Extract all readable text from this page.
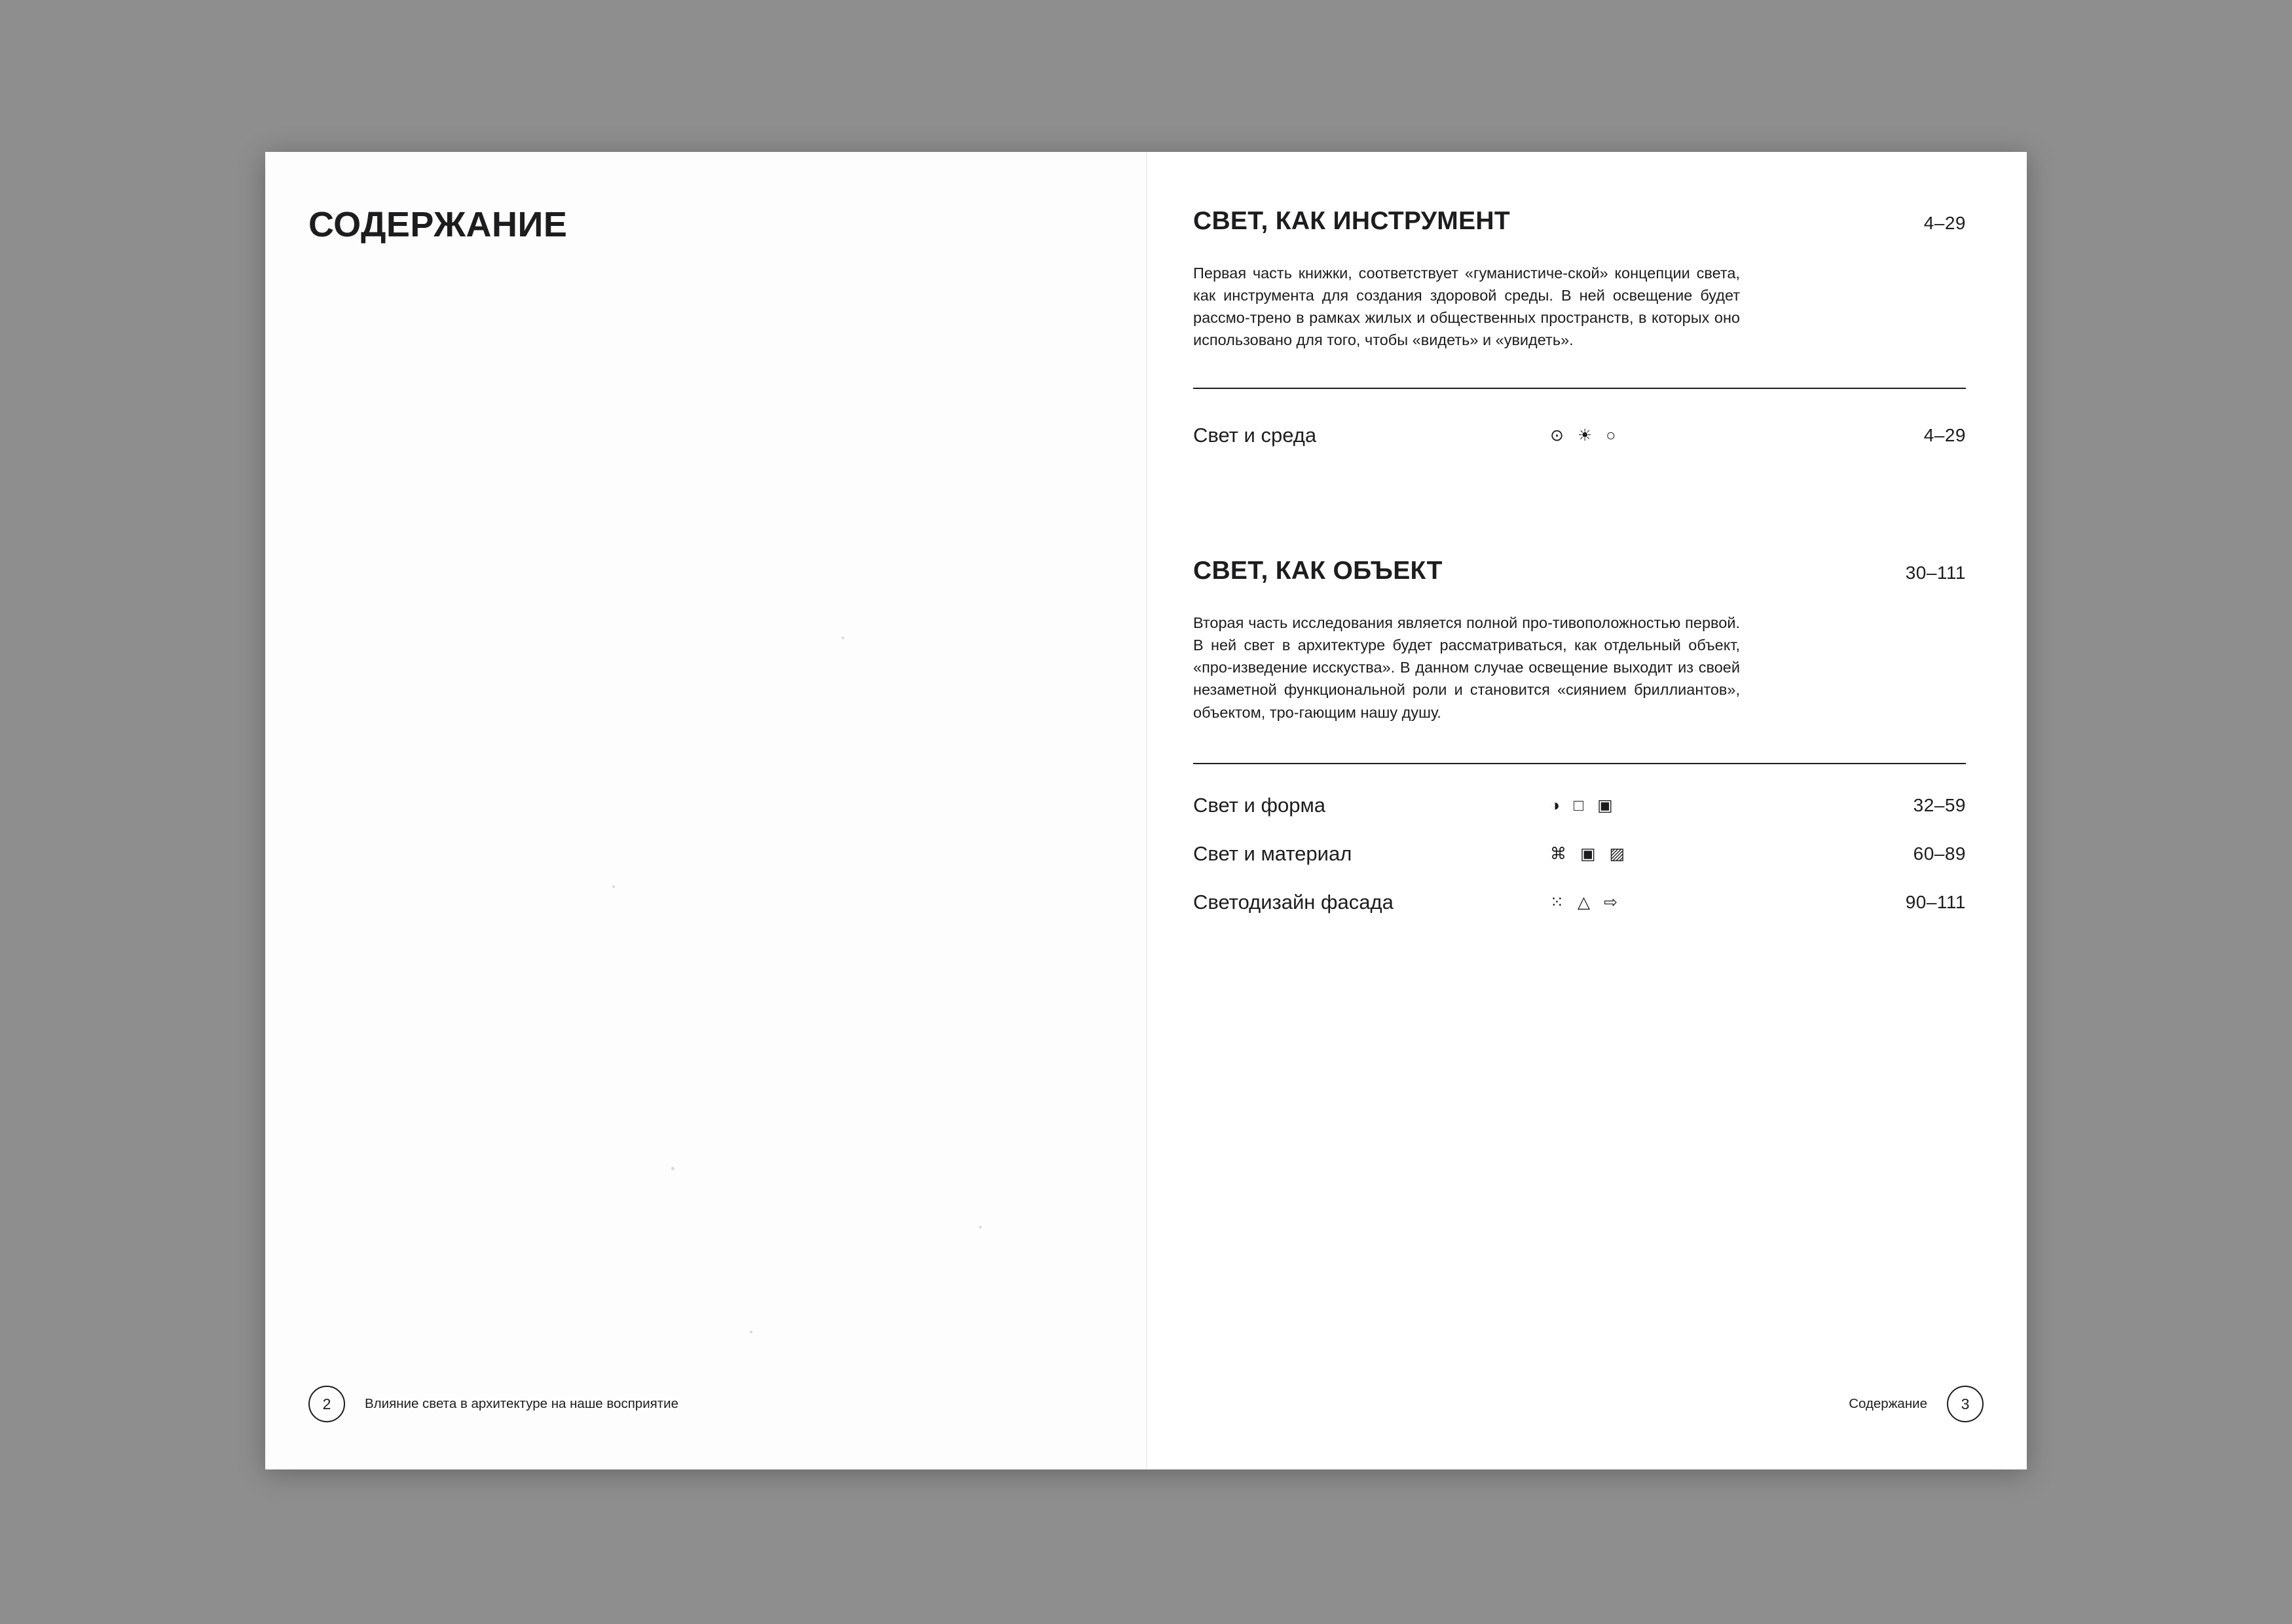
СОДЕРЖАНИЕ
2	Влияние света в архитектуре на наше восприятие
СВЕТ, КАК ИНСТРУМЕНТ	4–29
Первая часть книжки, соответствует «гуманистиче-ской» концепции света, как инструмента для создания здоровой среды. В ней освещение будет рассмо-трено в рамках жилых и общественных пространств, в которых оно использовано для того, чтобы «видеть» и «увидеть».
Свет и среда	⊙ ☀ ○	4–29
СВЕТ, КАК ОБЪЕКТ	30–111
Вторая часть исследования является полной про-тивоположностью первой. В ней свет в архитектуре будет рассматриваться, как отдельный объект, «про-изведение исскуства». В данном случае освещение выходит из своей незаметной функциональной роли и становится «сиянием бриллиантов», объектом, тро-гающим нашу душу.
Свет и форма	◑ □ ▣	32–59
Свет и материал	⌘ ▣ ▨	60–89
Светодизайн фасада	⁙ △ ⇨	90–111
3
Содержание
